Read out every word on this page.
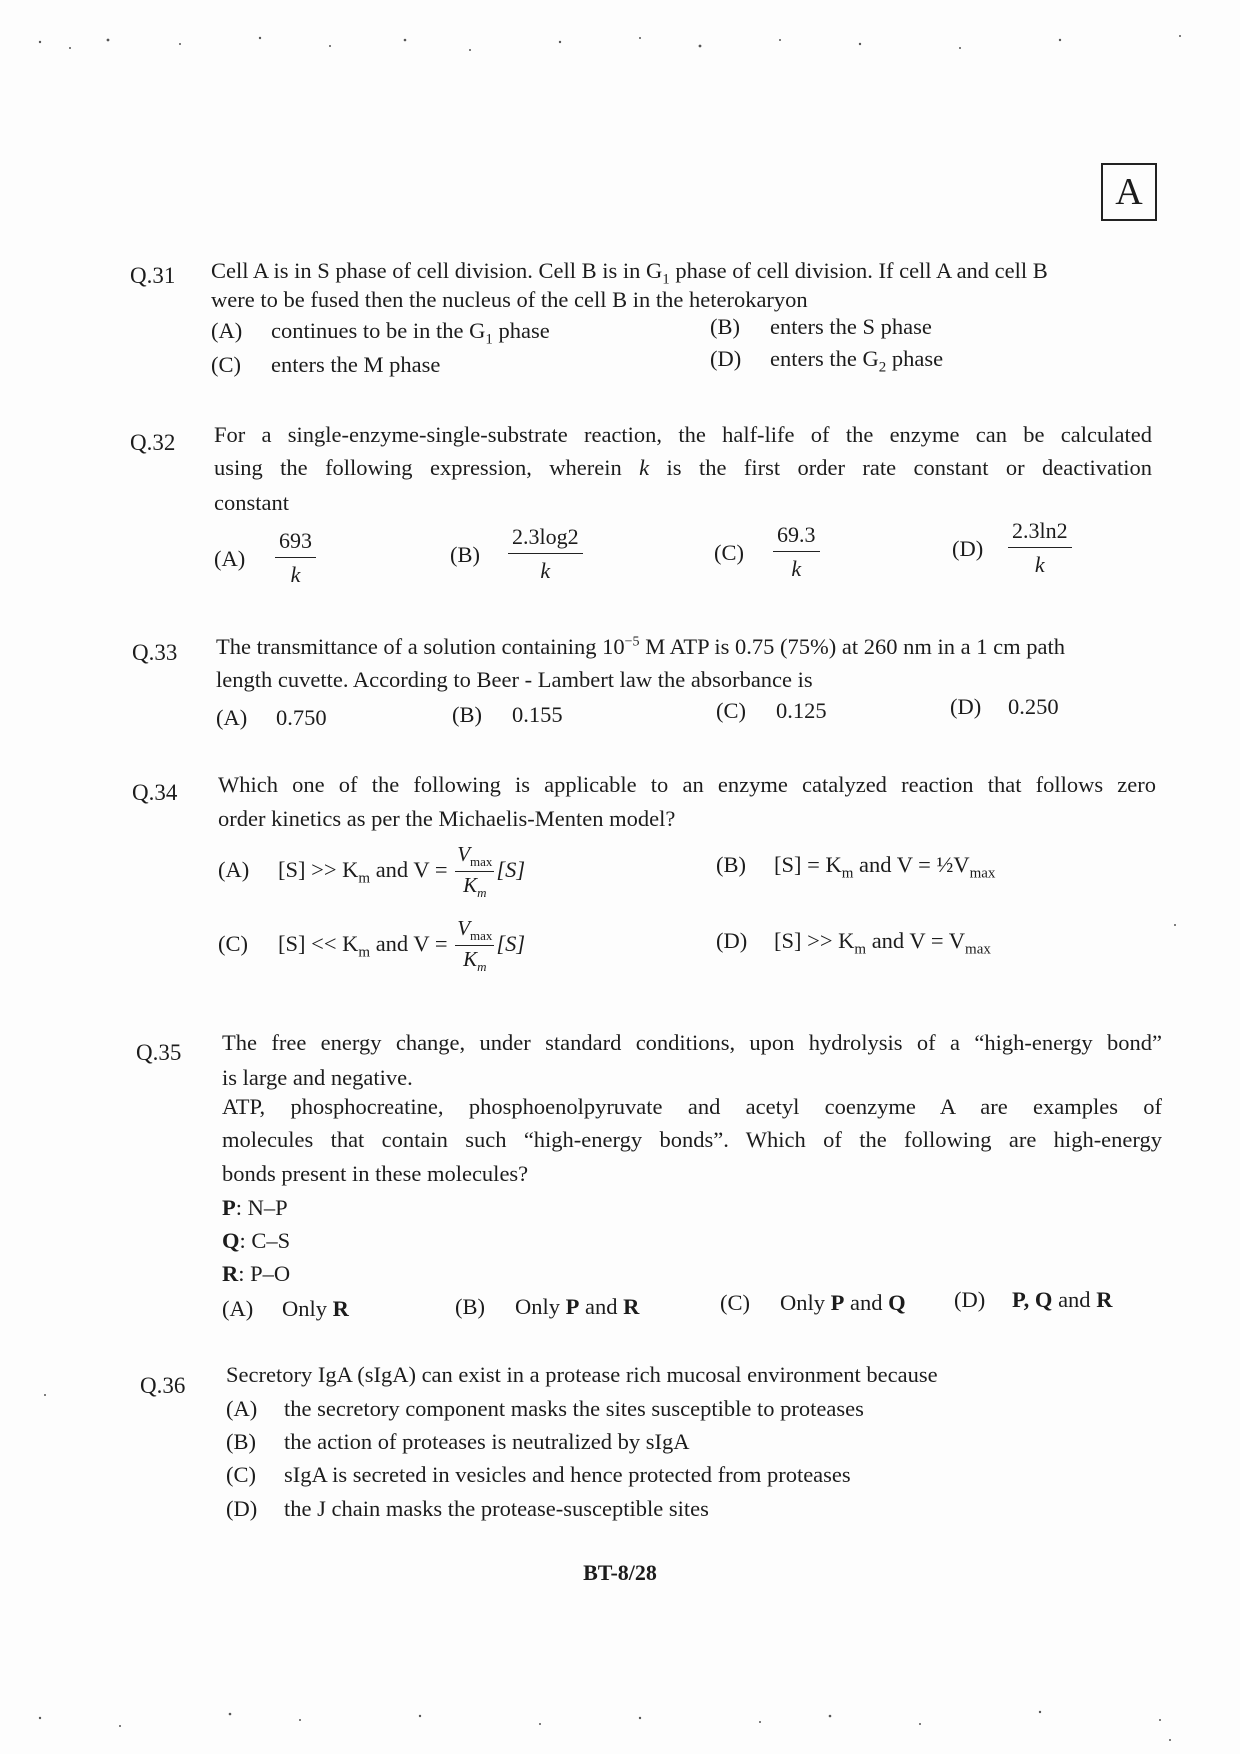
A
Q.31 Cell A is in S phase of cell division. Cell B is in $G_1$ phase of cell division. If cell A and cell B
were to be fused then the nucleus of the cell B in the heterokaryon
(A) continues to be in the $G_1$ phase	(B) enters the S phase
(C) enters the M phase	(D) enters the $G_2$ phase
Q.32 For a single-enzyme-single-substrate reaction, the half-life of the enzyme can be calculated
using the following expression, wherein k is the first order rate constant or deactivation
constant
$(A) \frac{693}{k}$	$(B) \frac{2.3\log 2}{k}$	$(C) \frac{69.3}{k}$	$(D) \frac{2.3\ln 2}{k}$
Q.33 The transmittance of a solution containing $10^{-5}$ M ATP is 0.75 (75%) at 260 nm in a 1 cm path
length cuvette. According to Beer - Lambert law the absorbance is
(A) 0.750	(B) 0.155	(C) 0.125	(D) 0.250
Q.34 Which one of the following is applicable to an enzyme catalyzed reaction that follows zero
order kinetics as per the Michaelis-Menten model?
(A) $[S] >> K_m$ and V =
$V_{max}$
$K_m$
[S]	(B) $[S] = K_m$ and $V = \frac{1}{2}V_{max}$
(C) $[S] << K_m$ and V =
$V_{max}$
$K_m$
[S]	(D) $[S] >> K_m$ and $V = V_{max}$
Q.35 The free energy change, under standard conditions, upon hydrolysis of a “high-energy bond”
is large and negative.
ATP, phosphocreatine, phosphoenolpyruvate and acetyl coenzyme A are examples of
molecules that contain such “high-energy bonds”. Which of the following are high-energy
bonds present in these molecules?
P: N–P
Q: C–S
R: P–O
(A) Only R	(B) Only P and R	(C) Only P and Q (D) P, Q and R
Q.36 Secretory IgA (sIgA) can exist in a protease rich mucosal environment because
(A) the secretory component masks the sites susceptible to proteases
(B) the action of proteases is neutralized by sIgA
(C) sIgA is secreted in vesicles and hence protected from proteases
(D) the J chain masks the protease-susceptible sites
BT-8/28
